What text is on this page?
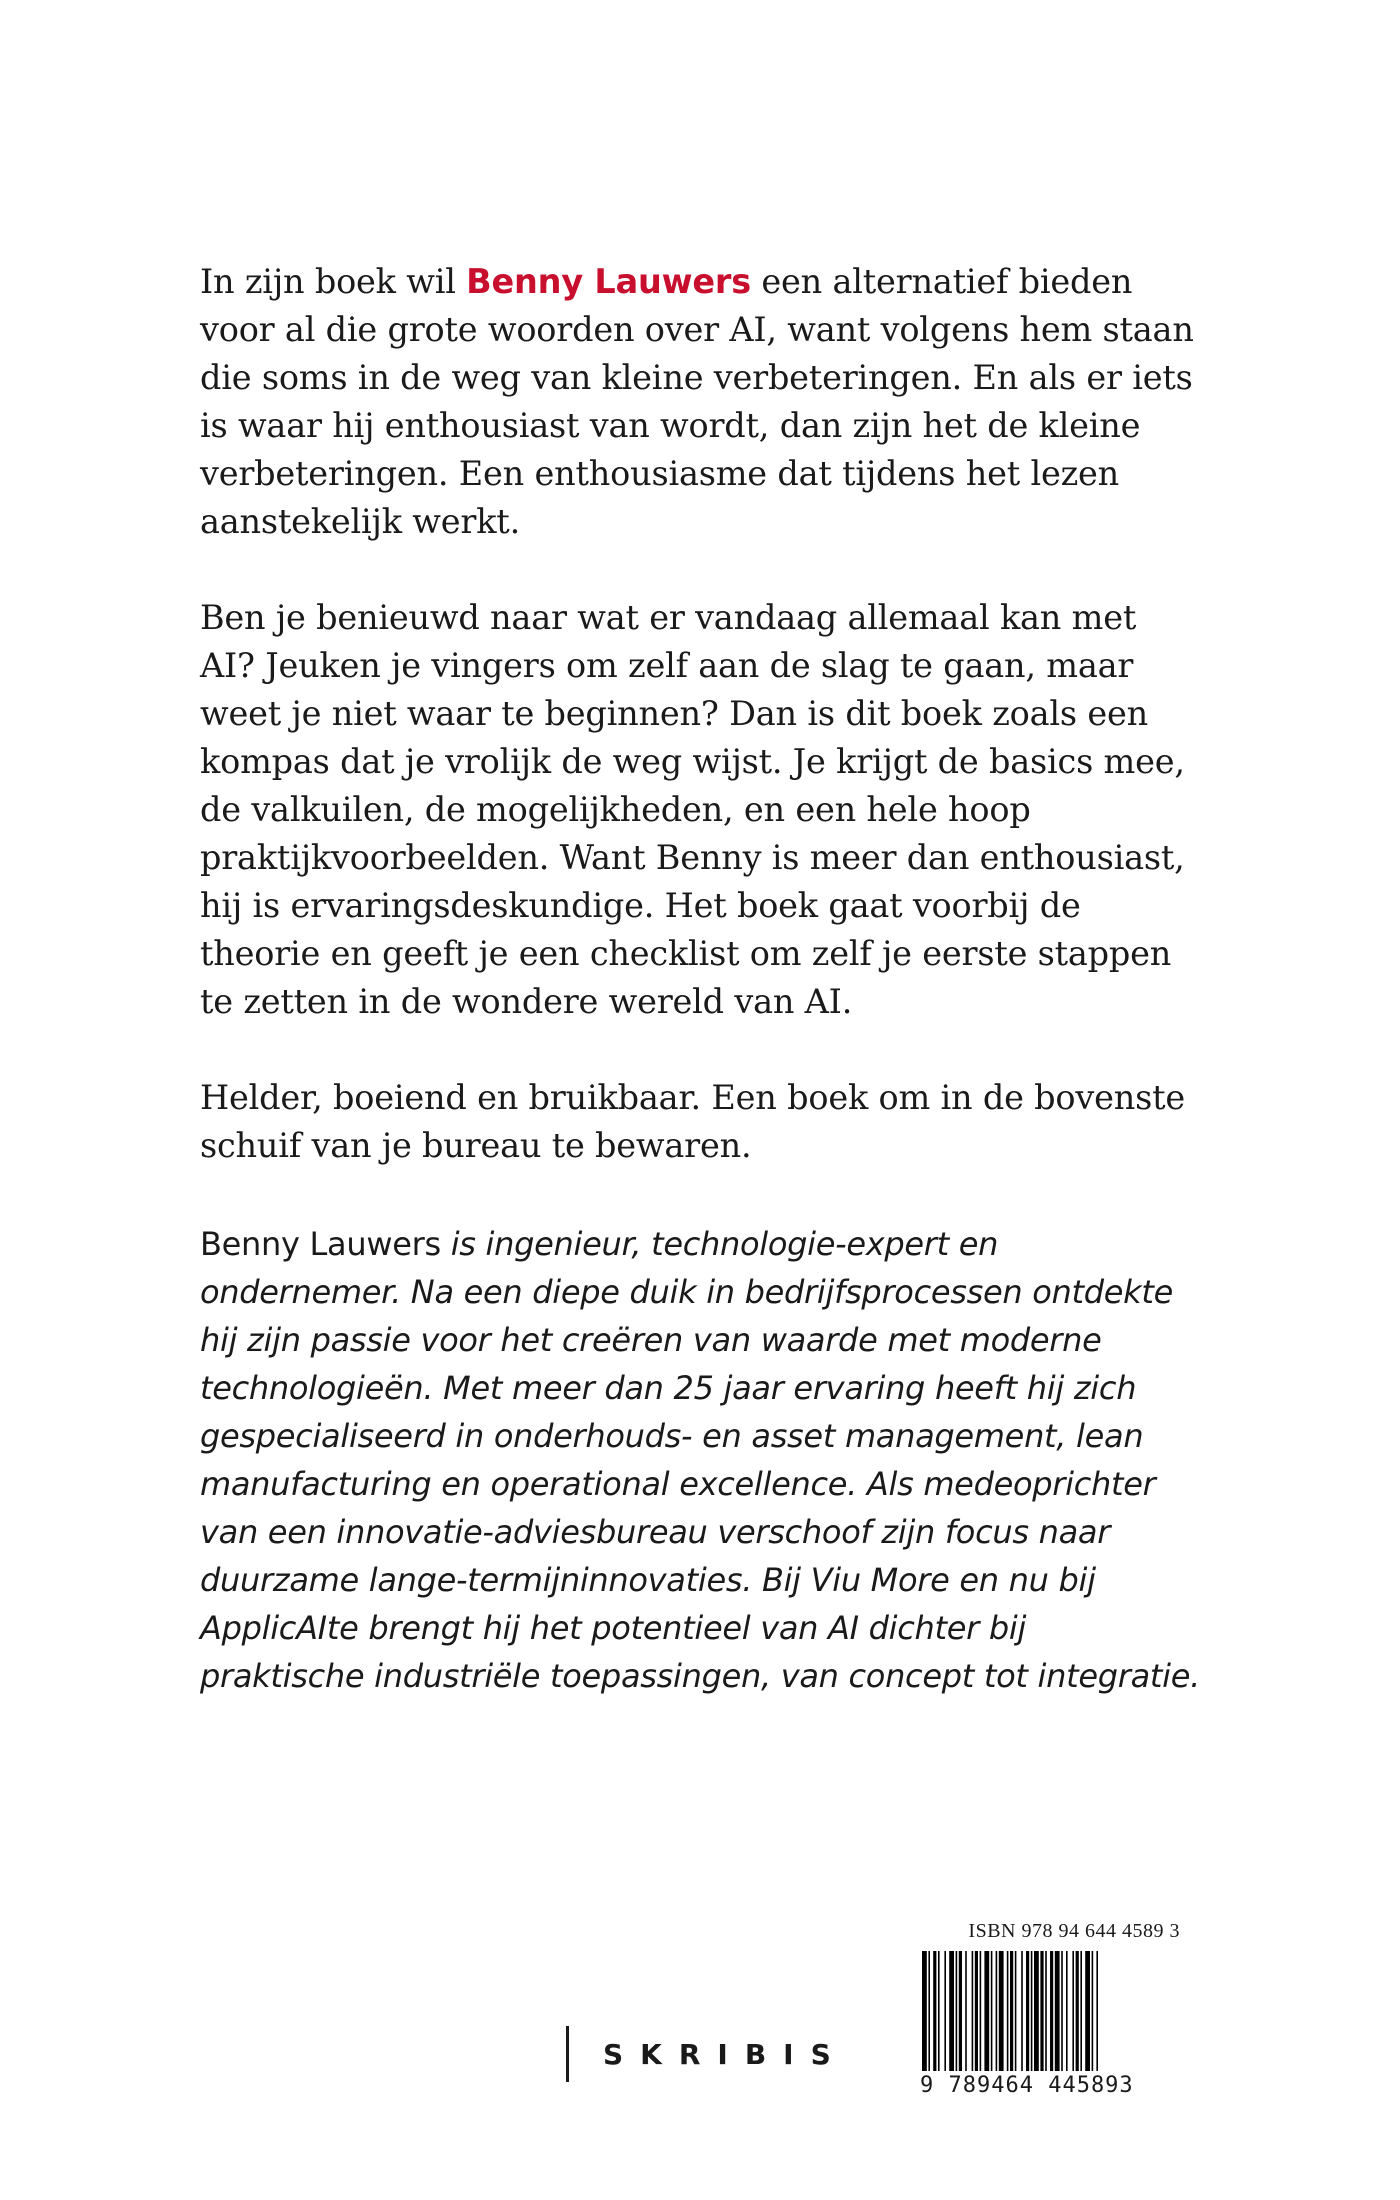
In zijn boek wil Benny Lauwers een alternatief bieden voor al die grote woorden over AI, want volgens hem staan die soms in de weg van kleine verbeteringen. En als er iets is waar hij enthousiast van wordt, dan zijn het de kleine verbeteringen. Een enthousiasme dat tijdens het lezen aanstekelijk werkt.

Ben je benieuwd naar wat er vandaag allemaal kan met AI? Jeuken je vingers om zelf aan de slag te gaan, maar weet je niet waar te beginnen? Dan is dit boek zoals een kompas dat je vrolijk de weg wijst. Je krijgt de basics mee, de valkuilen, de mogelijkheden, en een hele hoop praktijkvoorbeelden. Want Benny is meer dan enthousiast, hij is ervaringsdeskundige. Het boek gaat voorbij de theorie en geeft je een checklist om zelf je eerste stappen te zetten in de wondere wereld van AI.

Helder, boeiend en bruikbaar. Een boek om in de bovenste schuif van je bureau te bewaren.

Benny Lauwers is ingenieur, technologie-expert en ondernemer. Na een diepe duik in bedrijfsprocessen ontdekte hij zijn passie voor het creëren van waarde met moderne technologieën. Met meer dan 25 jaar ervaring heeft hij zich gespecialiseerd in onderhouds- en asset management, lean manufacturing en operational excellence. Als medeoprichter van een innovatie-adviesbureau verschoof zijn focus naar duurzame lange-termijninnovaties. Bij Viu More en nu bij ApplicAIte brengt hij het potentieel van AI dichter bij praktische industriële toepassingen, van concept tot integratie.

SKRIBIS
ISBN 978 94 644 4589 3
9 789464 445893
